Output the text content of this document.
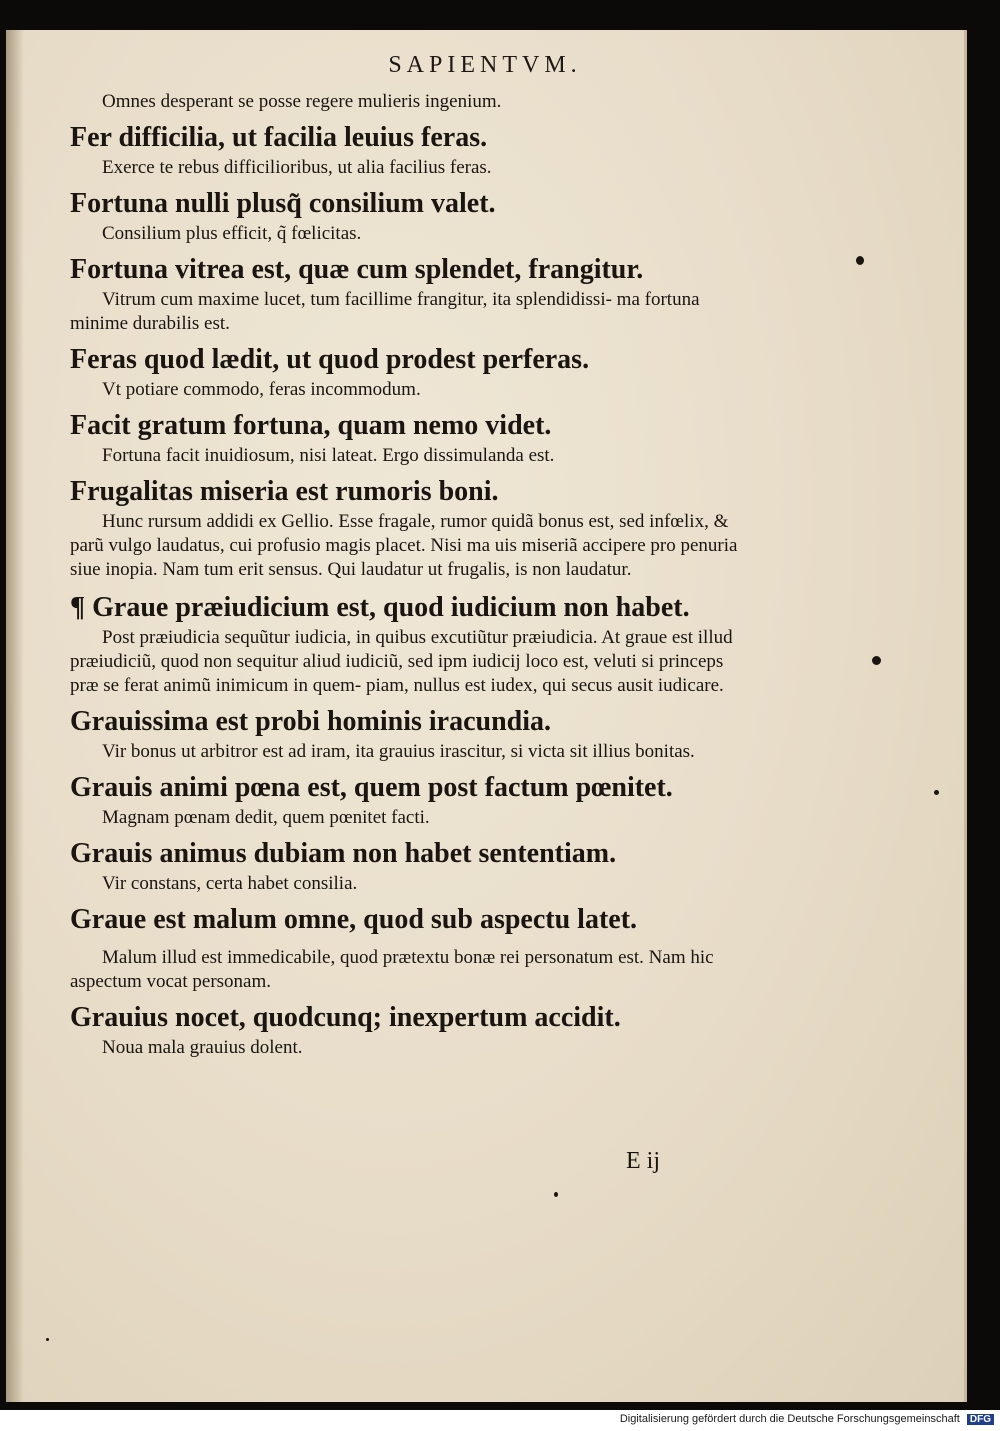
SAPIENTVM.

Omnes desperant se posse regere mulieris ingenium.

Fer difficilia, ut facilia leuius feras.

Exerce te rebus difficilioribus, ut alia facilius feras.

Fortuna nulli plusq̃ consilium valet.

Consilium plus efficit, q̃ fœlicitas.

Fortuna vitrea est, quæ cum splendet, frangitur.

Vitrum cum maxime lucet, tum facillime frangitur, ita splendidissi- ma fortuna minime durabilis est.

Feras quod lædit, ut quod prodest perferas.

Vt potiare commodo, feras incommodum.

Facit gratum fortuna, quam nemo videt.

Fortuna facit inuidiosum, nisi lateat. Ergo dissimulanda est.

Frugalitas miseria est rumoris boni.

Hunc rursum addidi ex Gellio. Esse fragale, rumor quidã bonus est, sed infœlix, & parũ vulgo laudatus, cui profusio magis placet. Nisi ma uis miseriã accipere pro penuria siue inopia. Nam tum erit sensus. Qui laudatur ut frugalis, is non laudatur.

¶ Graue præiudicium est, quod iudicium non habet.

Post præiudicia sequũtur iudicia, in quibus excutiũtur præiudicia. At graue est illud præiudiciũ, quod non sequitur aliud iudiciũ, sed ipm iudicij loco est, veluti si princeps præ se ferat animũ inimicum in quem- piam, nullus est iudex, qui secus ausit iudicare.

Grauissima est probi hominis iracundia.

Vir bonus ut arbitror est ad iram, ita grauius irascitur, si victa sit illius bonitas.

Grauis animi pœna est, quem post factum pœnitet.

Magnam pœnam dedit, quem pœnitet facti.

Grauis animus dubiam non habet sententiam.

Vir constans, certa habet consilia.

Graue est malum omne, quod sub aspectu latet.

Malum illud est immedicabile, quod prætextu bonæ rei personatum est. Nam hic aspectum vocat personam.

Grauius nocet, quodcunq; inexpertum accidit.

Noua mala grauius dolent.

E ij
Digitalisierung gefördert durch die Deutsche Forschungsgemeinschaft DFG
